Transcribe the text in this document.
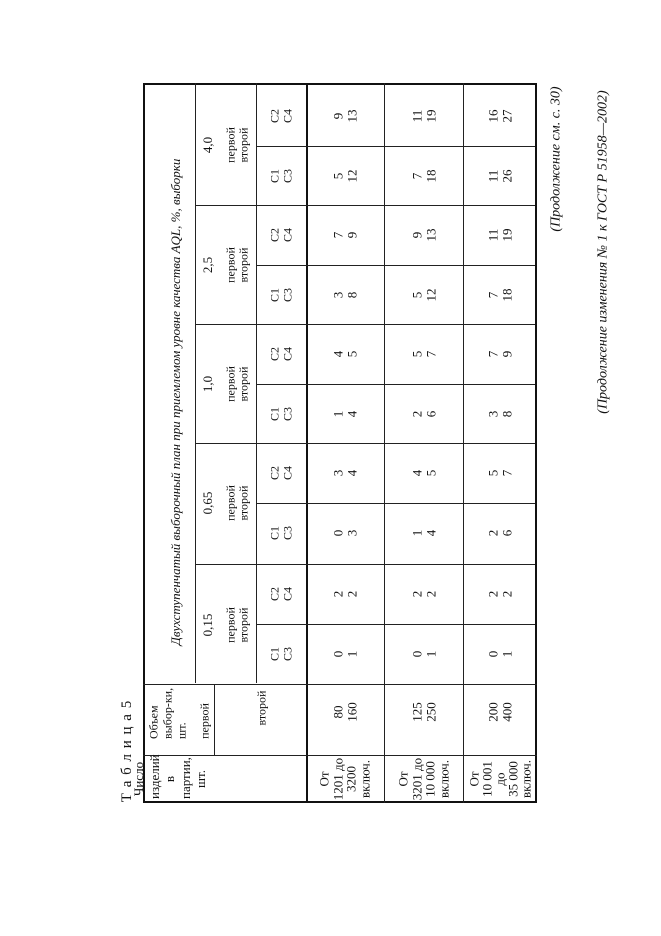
(Продолжение изменения № 1 к ГОСТ Р 51958—2002)
(Продолжение см. с. 30)
Т а б л и ц а 5
Число изделий в партии, шт.
Объем выбор-ки, шт. первой	второй
Двухступенчатый выборочный план при приемлемом уровне качества AQL, %, выборки 0,15
0,65
1,0
2,5
4,0
первой
второй
первой
второй
первой
второй
первой
второй
первой
второй
C1
C3
C2
C4
C1
C3
C2
C4
C1
C3
C2
C4
C1
C3
C2
C4
C1
C3
C2
C4
От
1201 до
3200
включ.
80
160
От
3201 до
10 000
включ.
125
250
От
10 001
до
35 000
включ.
200
400
0
1
2
2
0
3
3
4
1
4
4
5
3
8
7
9
5
12
9
13
0
1
2
2
1
4
4
5
2
6
5
7
5
12
9
13
7
18
11
19
0
1
2
2
2
6
5
7
3
8
7
9
7
18
11
19
11
26
16
27
